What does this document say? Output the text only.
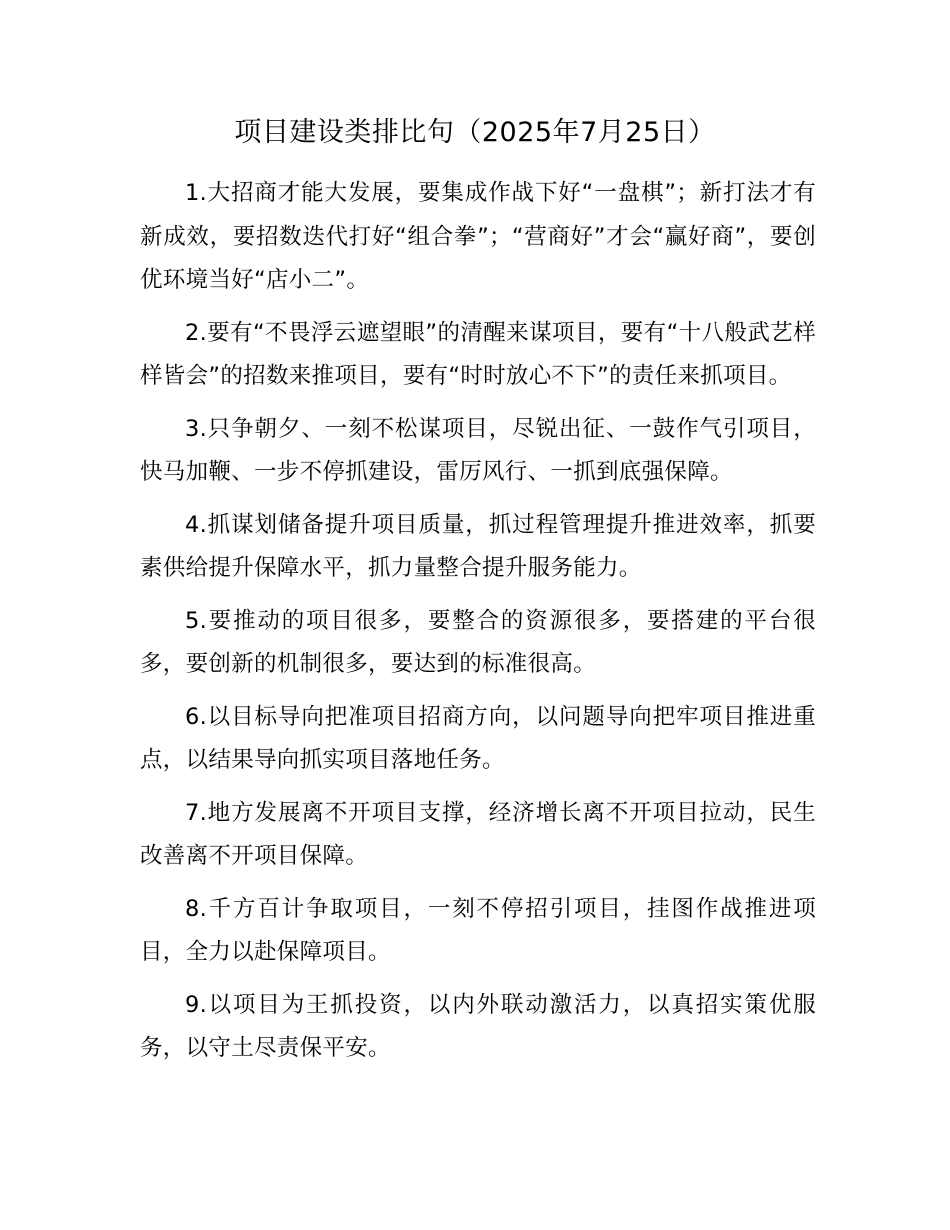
项目建设类排比句（2025年7月25日）

1.大招商才能大发展，要集成作战下好“一盘棋”；新打法才有新成效，要招数迭代打好“组合拳”；“营商好”才会“赢好商”，要创优环境当好“店小二”。

2.要有“不畏浮云遮望眼”的清醒来谋项目，要有“十八般武艺样样皆会”的招数来推项目，要有“时时放心不下”的责任来抓项目。

3.只争朝夕、一刻不松谋项目，尽锐出征、一鼓作气引项目，快马加鞭、一步不停抓建设，雷厉风行、一抓到底强保障。

4.抓谋划储备提升项目质量，抓过程管理提升推进效率，抓要素供给提升保障水平，抓力量整合提升服务能力。

5.要推动的项目很多，要整合的资源很多，要搭建的平台很多，要创新的机制很多，要达到的标准很高。

6.以目标导向把准项目招商方向，以问题导向把牢项目推进重点，以结果导向抓实项目落地任务。

7.地方发展离不开项目支撑，经济增长离不开项目拉动，民生改善离不开项目保障。

8.千方百计争取项目，一刻不停招引项目，挂图作战推进项目，全力以赴保障项目。

9.以项目为王抓投资，以内外联动激活力，以真招实策优服务，以守土尽责保平安。
